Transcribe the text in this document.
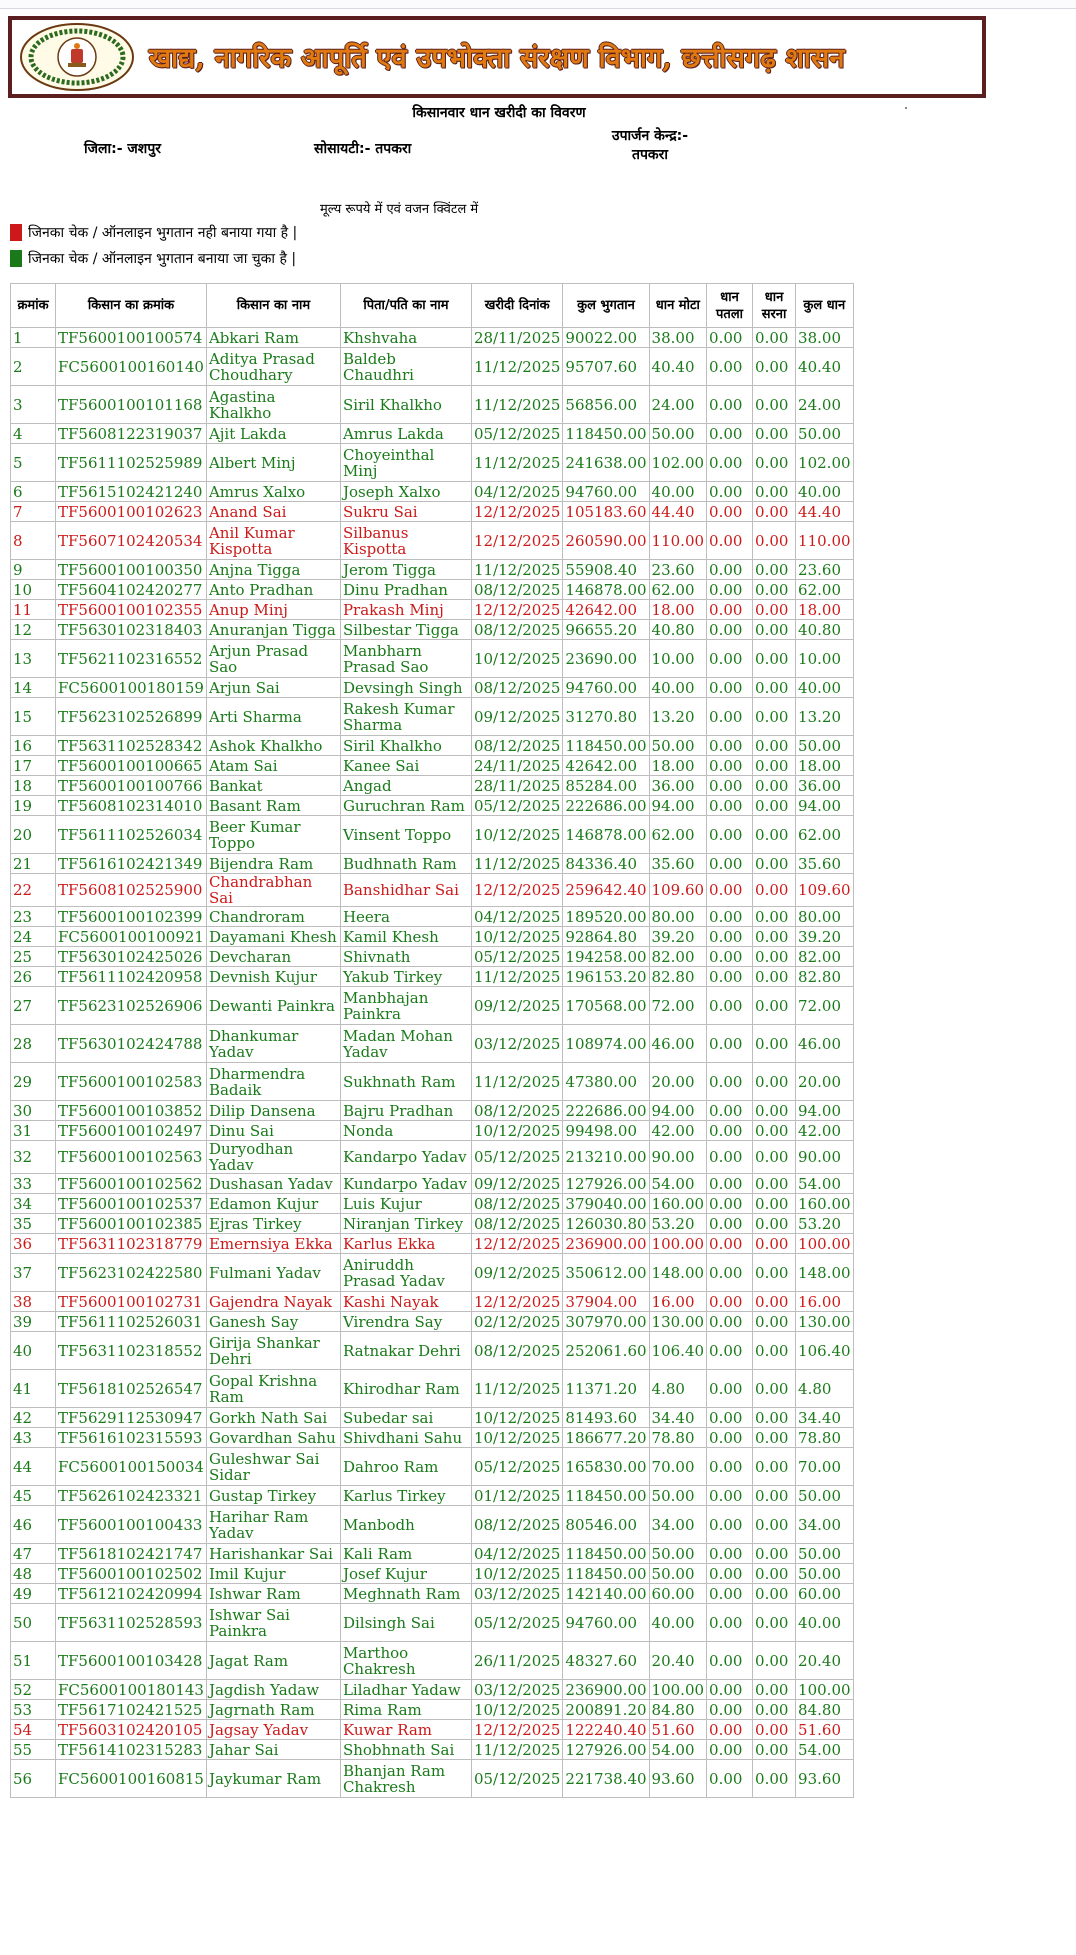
खाद्य, नागरिक आपूर्ति एवं उपभोक्ता संरक्षण विभाग, छत्तीसगढ़ शासन
किसानवार धान खरीदी का विवरण
जिला:- जशपुर	सोसायटी:- तपकरा
उपार्जन केन्द्र:-
तपकरा
मूल्य रूपये में एवं वजन क्विंटल में
जिनका चेक / ऑनलाइन भुगतान नही बनाया गया है |
जिनका चेक / ऑनलाइन भुगतान बनाया जा चुका है |
क्रमांक	किसान का क्रमांक	किसान का नाम	पिता/पति का नाम	खरीदी दिनांक	कुल भुगतान	धान मोटा	धान पतला	धान सरना	कुल धान
1	TF5600100100574	Abkari Ram	Khshvaha	28/11/2025	90022.00	38.00	0.00	0.00	38.00
2	FC5600100160140	Aditya Prasad Choudhary	Baldeb Chaudhri	11/12/2025	95707.60	40.40	0.00	0.00	40.40
3	TF5600100101168	Agastina Khalkho	Siril Khalkho	11/12/2025	56856.00	24.00	0.00	0.00	24.00
4	TF5608122319037	Ajit Lakda	Amrus Lakda	05/12/2025	118450.00	50.00	0.00	0.00	50.00
5	TF5611102525989	Albert Minj	Choyeinthal Minj	11/12/2025	241638.00	102.00	0.00	0.00	102.00
6	TF5615102421240	Amrus Xalxo	Joseph Xalxo	04/12/2025	94760.00	40.00	0.00	0.00	40.00
7	TF5600100102623	Anand Sai	Sukru Sai	12/12/2025	105183.60	44.40	0.00	0.00	44.40
8	TF5607102420534	Anil Kumar Kispotta	Silbanus Kispotta	12/12/2025	260590.00	110.00	0.00	0.00	110.00
9	TF5600100100350	Anjna Tigga	Jerom Tigga	11/12/2025	55908.40	23.60	0.00	0.00	23.60
10	TF5604102420277	Anto Pradhan	Dinu Pradhan	08/12/2025	146878.00	62.00	0.00	0.00	62.00
11	TF5600100102355	Anup Minj	Prakash Minj	12/12/2025	42642.00	18.00	0.00	0.00	18.00
12	TF5630102318403	Anuranjan Tigga	Silbestar Tigga	08/12/2025	96655.20	40.80	0.00	0.00	40.80
13	TF5621102316552	Arjun Prasad Sao	Manbharn Prasad Sao	10/12/2025	23690.00	10.00	0.00	0.00	10.00
14	FC5600100180159	Arjun Sai	Devsingh Singh	08/12/2025	94760.00	40.00	0.00	0.00	40.00
15	TF5623102526899	Arti Sharma	Rakesh Kumar Sharma	09/12/2025	31270.80	13.20	0.00	0.00	13.20
16	TF5631102528342	Ashok Khalkho	Siril Khalkho	08/12/2025	118450.00	50.00	0.00	0.00	50.00
17	TF5600100100665	Atam Sai	Kanee Sai	24/11/2025	42642.00	18.00	0.00	0.00	18.00
18	TF5600100100766	Bankat	Angad	28/11/2025	85284.00	36.00	0.00	0.00	36.00
19	TF5608102314010	Basant Ram	Guruchran Ram	05/12/2025	222686.00	94.00	0.00	0.00	94.00
20	TF5611102526034	Beer Kumar Toppo	Vinsent Toppo	10/12/2025	146878.00	62.00	0.00	0.00	62.00
21	TF5616102421349	Bijendra Ram	Budhnath Ram	11/12/2025	84336.40	35.60	0.00	0.00	35.60
22	TF5608102525900	Chandrabhan Sai	Banshidhar Sai	12/12/2025	259642.40	109.60	0.00	0.00	109.60
23	TF5600100102399	Chandroram	Heera	04/12/2025	189520.00	80.00	0.00	0.00	80.00
24	FC5600100100921	Dayamani Khesh	Kamil Khesh	10/12/2025	92864.80	39.20	0.00	0.00	39.20
25	TF5630102425026	Devcharan	Shivnath	05/12/2025	194258.00	82.00	0.00	0.00	82.00
26	TF5611102420958	Devnish Kujur	Yakub Tirkey	11/12/2025	196153.20	82.80	0.00	0.00	82.80
27	TF5623102526906	Dewanti Painkra	Manbhajan Painkra	09/12/2025	170568.00	72.00	0.00	0.00	72.00
28	TF5630102424788	Dhankumar Yadav	Madan Mohan Yadav	03/12/2025	108974.00	46.00	0.00	0.00	46.00
29	TF5600100102583	Dharmendra Badaik	Sukhnath Ram	11/12/2025	47380.00	20.00	0.00	0.00	20.00
30	TF5600100103852	Dilip Dansena	Bajru Pradhan	08/12/2025	222686.00	94.00	0.00	0.00	94.00
31	TF5600100102497	Dinu Sai	Nonda	10/12/2025	99498.00	42.00	0.00	0.00	42.00
32	TF5600100102563	Duryodhan Yadav	Kandarpo Yadav	05/12/2025	213210.00	90.00	0.00	0.00	90.00
33	TF5600100102562	Dushasan Yadav	Kundarpo Yadav	09/12/2025	127926.00	54.00	0.00	0.00	54.00
34	TF5600100102537	Edamon Kujur	Luis Kujur	08/12/2025	379040.00	160.00	0.00	0.00	160.00
35	TF5600100102385	Ejras Tirkey	Niranjan Tirkey	08/12/2025	126030.80	53.20	0.00	0.00	53.20
36	TF5631102318779	Emernsiya Ekka	Karlus Ekka	12/12/2025	236900.00	100.00	0.00	0.00	100.00
37	TF5623102422580	Fulmani Yadav	Aniruddh Prasad Yadav	09/12/2025	350612.00	148.00	0.00	0.00	148.00
38	TF5600100102731	Gajendra Nayak	Kashi Nayak	12/12/2025	37904.00	16.00	0.00	0.00	16.00
39	TF5611102526031	Ganesh Say	Virendra Say	02/12/2025	307970.00	130.00	0.00	0.00	130.00
40	TF5631102318552	Girija Shankar Dehri	Ratnakar Dehri	08/12/2025	252061.60	106.40	0.00	0.00	106.40
41	TF5618102526547	Gopal Krishna Ram	Khirodhar Ram	11/12/2025	11371.20	4.80	0.00	0.00	4.80
42	TF5629112530947	Gorkh Nath Sai	Subedar sai	10/12/2025	81493.60	34.40	0.00	0.00	34.40
43	TF5616102315593	Govardhan Sahu	Shivdhani Sahu	10/12/2025	186677.20	78.80	0.00	0.00	78.80
44	FC5600100150034	Guleshwar Sai Sidar	Dahroo Ram	05/12/2025	165830.00	70.00	0.00	0.00	70.00
45	TF5626102423321	Gustap Tirkey	Karlus Tirkey	01/12/2025	118450.00	50.00	0.00	0.00	50.00
46	TF5600100100433	Harihar Ram Yadav	Manbodh	08/12/2025	80546.00	34.00	0.00	0.00	34.00
47	TF5618102421747	Harishankar Sai	Kali Ram	04/12/2025	118450.00	50.00	0.00	0.00	50.00
48	TF5600100102502	Imil Kujur	Josef Kujur	10/12/2025	118450.00	50.00	0.00	0.00	50.00
49	TF5612102420994	Ishwar Ram	Meghnath Ram	03/12/2025	142140.00	60.00	0.00	0.00	60.00
50	TF5631102528593	Ishwar Sai Painkra	Dilsingh Sai	05/12/2025	94760.00	40.00	0.00	0.00	40.00
51	TF5600100103428	Jagat Ram	Marthoo Chakresh	26/11/2025	48327.60	20.40	0.00	0.00	20.40
52	FC5600100180143	Jagdish Yadaw	Liladhar Yadaw	03/12/2025	236900.00	100.00	0.00	0.00	100.00
53	TF5617102421525	Jagrnath Ram	Rima Ram	10/12/2025	200891.20	84.80	0.00	0.00	84.80
54	TF5603102420105	Jagsay Yadav	Kuwar Ram	12/12/2025	122240.40	51.60	0.00	0.00	51.60
55	TF5614102315283	Jahar Sai	Shobhnath Sai	11/12/2025	127926.00	54.00	0.00	0.00	54.00
56	FC5600100160815	Jaykumar Ram	Bhanjan Ram Chakresh	05/12/2025	221738.40	93.60	0.00	0.00	93.60
